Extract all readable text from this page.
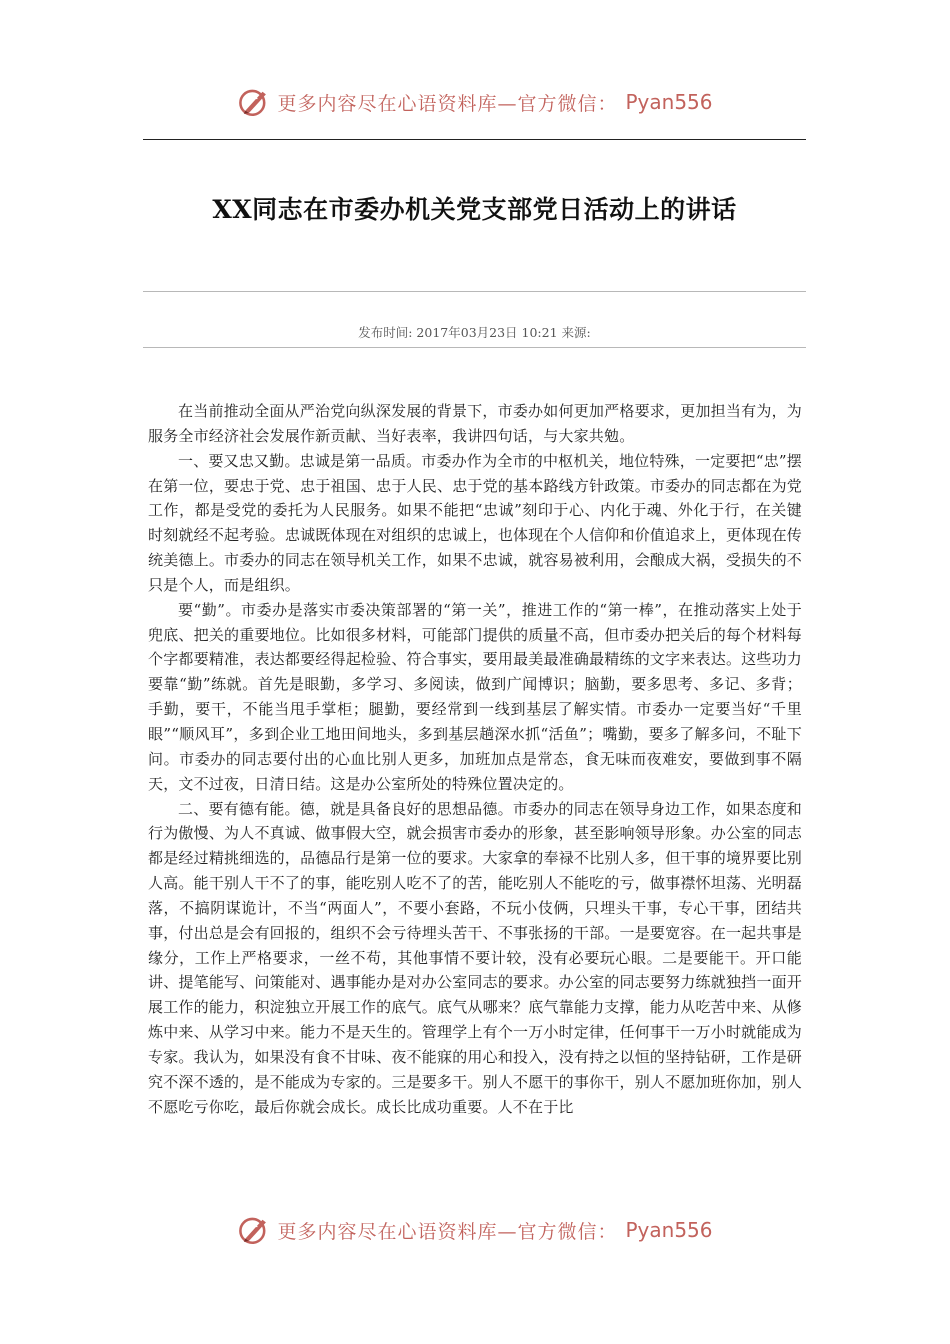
更多内容尽在心语资料库—官方微信： Pyan556
XX同志在市委办机关党支部党日活动上的讲话
发布时间: 2017年03月23日 10:21 来源:

在当前推动全面从严治党向纵深发展的背景下，市委办如何更加严格要求，更加担当有为，为服务全市经济社会发展作新贡献、当好表率，我讲四句话，与大家共勉。

一、要又忠又勤。忠诚是第一品质。市委办作为全市的中枢机关，地位特殊，一定要把“忠”摆在第一位，要忠于党、忠于祖国、忠于人民、忠于党的基本路线方针政策。市委办的同志都在为党工作，都是受党的委托为人民服务。如果不能把“忠诚”刻印于心、内化于魂、外化于行，在关键时刻就经不起考验。忠诚既体现在对组织的忠诚上，也体现在个人信仰和价值追求上，更体现在传统美德上。市委办的同志在领导机关工作，如果不忠诚，就容易被利用，会酿成大祸，受损失的不只是个人，而是组织。

要“勤”。市委办是落实市委决策部署的“第一关”，推进工作的“第一棒”，在推动落实上处于兜底、把关的重要地位。比如很多材料，可能部门提供的质量不高，但市委办把关后的每个材料每个字都要精准，表达都要经得起检验、符合事实，要用最美最准确最精练的文字来表达。这些功力要靠“勤”练就。首先是眼勤，多学习、多阅读，做到广闻博识；脑勤，要多思考、多记、多背；手勤，要干，不能当甩手掌柜；腿勤，要经常到一线到基层了解实情。市委办一定要当好“千里眼”“顺风耳”，多到企业工地田间地头，多到基层趟深水抓“活鱼”；嘴勤，要多了解多问，不耻下问。市委办的同志要付出的心血比别人更多，加班加点是常态，食无味而夜难安，要做到事不隔天，文不过夜，日清日结。这是办公室所处的特殊位置决定的。

二、要有德有能。德，就是具备良好的思想品德。市委办的同志在领导身边工作，如果态度和行为傲慢、为人不真诚、做事假大空，就会损害市委办的形象，甚至影响领导形象。办公室的同志都是经过精挑细选的，品德品行是第一位的要求。大家拿的奉禄不比别人多，但干事的境界要比别人高。能干别人干不了的事，能吃别人吃不了的苦，能吃别人不能吃的亏，做事襟怀坦荡、光明磊落，不搞阴谋诡计，不当“两面人”，不要小套路，不玩小伎俩，只埋头干事，专心干事，团结共事，付出总是会有回报的，组织不会亏待埋头苦干、不事张扬的干部。一是要宽容。在一起共事是缘分，工作上严格要求，一丝不苟，其他事情不要计较，没有必要玩心眼。二是要能干。开口能讲、提笔能写、问策能对、遇事能办是对办公室同志的要求。办公室的同志要努力练就独挡一面开展工作的能力，积淀独立开展工作的底气。底气从哪来？底气靠能力支撑，能力从吃苦中来、从修炼中来、从学习中来。能力不是天生的。管理学上有个一万小时定律，任何事干一万小时就能成为专家。我认为，如果没有食不甘味、夜不能寐的用心和投入，没有持之以恒的坚持钻研，工作是研究不深不透的，是不能成为专家的。三是要多干。别人不愿干的事你干，别人不愿加班你加，别人不愿吃亏你吃，最后你就会成长。成长比成功重要。人不在于比

更多内容尽在心语资料库—官方微信： Pyan556
